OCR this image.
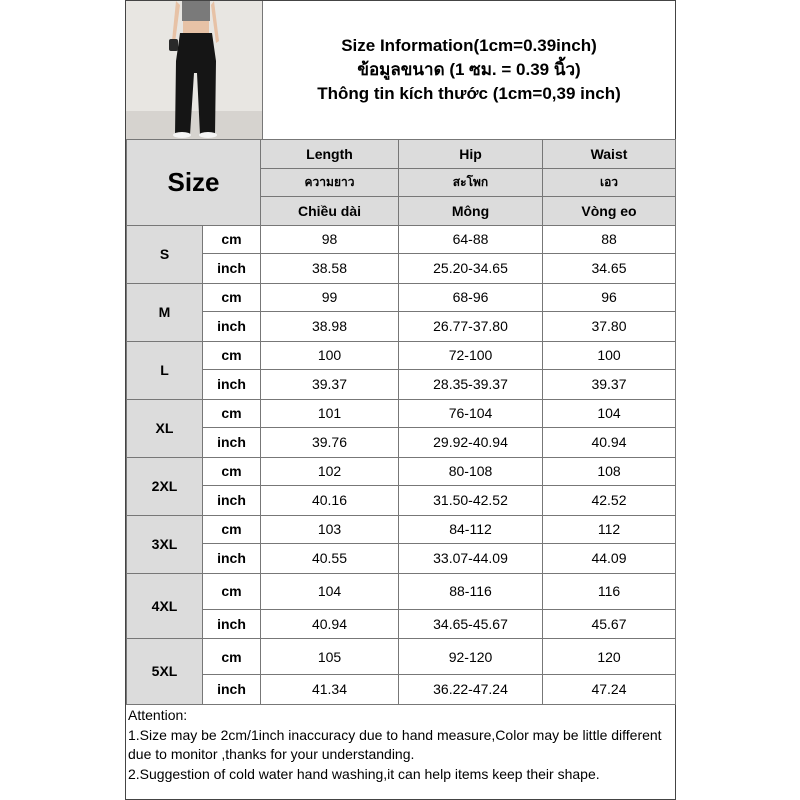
Size Information(1cm=0.39inch)
ข้อมูลขนาด (1 ซม. = 0.39 นิ้ว)
Thông tin kích thước (1cm=0,39 inch)
Size		Length	Hip	Waist
		ความยาว	สะโพก	เอว
		Chiều dài	Mông	Vòng eo
S	cm	98	64-88	88
	inch	38.58	25.20-34.65	34.65
M	cm	99	68-96	96
	inch	38.98	26.77-37.80	37.80
L	cm	100	72-100	100
	inch	39.37	28.35-39.37	39.37
XL	cm	101	76-104	104
	inch	39.76	29.92-40.94	40.94
2XL	cm	102	80-108	108
	inch	40.16	31.50-42.52	42.52
3XL	cm	103	84-112	112
	inch	40.55	33.07-44.09	44.09
4XL	cm	104	88-116	116
	inch	40.94	34.65-45.67	45.67
5XL	cm	105	92-120	120
	inch	41.34	36.22-47.24	47.24
Attention:
1.Size may be 2cm/1inch inaccuracy due to hand measure,Color may be little different due to monitor ,thanks for your understanding.
2.Suggestion of cold water hand washing,it can help items keep their shape.
